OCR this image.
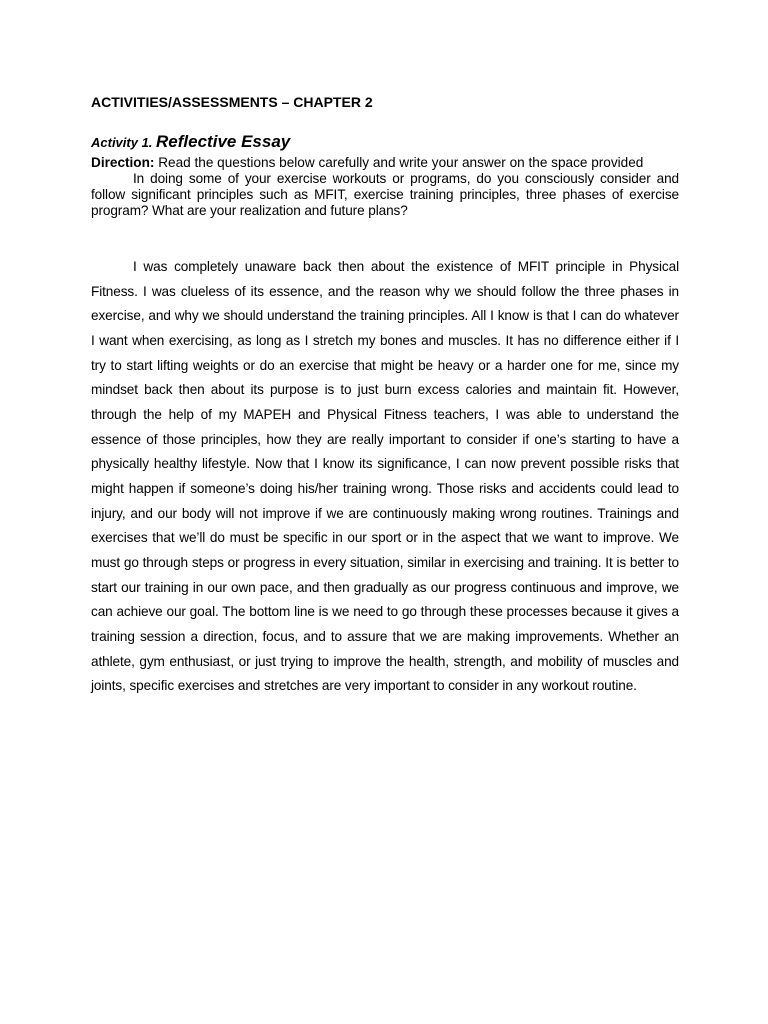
ACTIVITIES/ASSESSMENTS – CHAPTER 2
Activity 1. Reflective Essay
Direction: Read the questions below carefully and write your answer on the space provided
In doing some of your exercise workouts or programs, do you consciously consider and follow significant principles such as MFIT, exercise training principles, three phases of exercise program? What are your realization and future plans?
I was completely unaware back then about the existence of MFIT principle in Physical Fitness. I was clueless of its essence, and the reason why we should follow the three phases in exercise, and why we should understand the training principles. All I know is that I can do whatever I want when exercising, as long as I stretch my bones and muscles. It has no difference either if I try to start lifting weights or do an exercise that might be heavy or a harder one for me, since my mindset back then about its purpose is to just burn excess calories and maintain fit. However, through the help of my MAPEH and Physical Fitness teachers, I was able to understand the essence of those principles, how they are really important to consider if one’s starting to have a physically healthy lifestyle. Now that I know its significance, I can now prevent possible risks that might happen if someone’s doing his/her training wrong. Those risks and accidents could lead to injury, and our body will not improve if we are continuously making wrong routines. Trainings and exercises that we’ll do must be specific in our sport or in the aspect that we want to improve. We must go through steps or progress in every situation, similar in exercising and training. It is better to start our training in our own pace, and then gradually as our progress continuous and improve, we can achieve our goal. The bottom line is we need to go through these processes because it gives a training session a direction, focus, and to assure that we are making improvements. Whether an athlete, gym enthusiast, or just trying to improve the health, strength, and mobility of muscles and joints, specific exercises and stretches are very important to consider in any workout routine.
